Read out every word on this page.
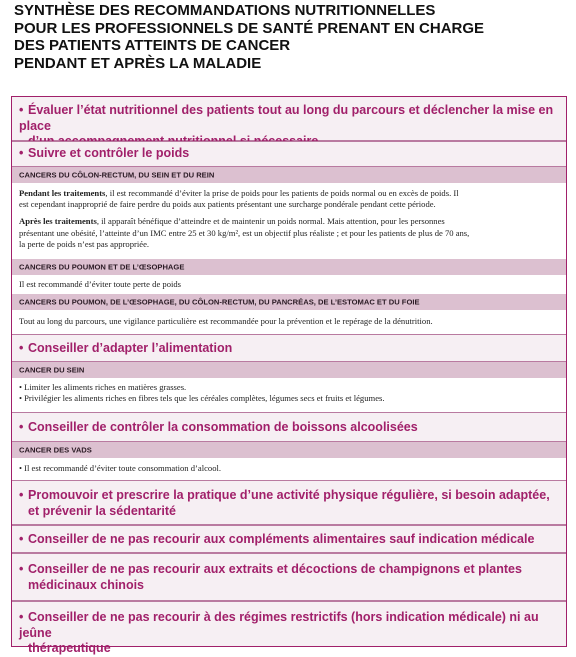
SYNTHÈSE DES RECOMMANDATIONS NUTRITIONNELLES
POUR LES PROFESSIONNELS DE SANTÉ PRENANT EN CHARGE
DES PATIENTS ATTEINTS DE CANCER
PENDANT ET APRÈS LA MALADIE
• Évaluer l’état nutritionnel des patients tout au long du parcours et déclencher la mise en place
• Suivre et contrôler le poids
CANCERS DU CÔLON-RECTUM, DU SEIN ET DU REIN
Pendant les traitements, il est recommandé d’éviter la prise de poids pour les patients de poids normal ou en excès de poids. Il
est cependant inapproprié de faire perdre du poids aux patients présentant une surcharge pondérale pendant cette période.
Après les traitements, il apparaît bénéfique d’atteindre et de maintenir un poids normal. Mais attention, pour les personnes
présentant une obésité, l’atteinte d’un IMC entre 25 et 30 kg/m², est un objectif plus réaliste ; et pour les patients de plus de 70 ans,
la perte de poids n’est pas appropriée.
CANCERS DU POUMON ET DE L’ŒSOPHAGE
Il est recommandé d’éviter toute perte de poids
CANCERS DU POUMON, DE L’ŒSOPHAGE, DU CÔLON-RECTUM, DU PANCRÉAS, DE L’ESTOMAC ET DU FOIE
Tout au long du parcours, une vigilance particulière est recommandée pour la prévention et le repérage de la dénutrition.
• Conseiller d’adapter l’alimentation
CANCER DU SEIN
• Limiter les aliments riches en matières grasses.
• Privilégier les aliments riches en fibres tels que les céréales complètes, légumes secs et fruits et légumes.
• Conseiller de contrôler la consommation de boissons alcoolisées
CANCER DES VADS
• Il est recommandé d’éviter toute consommation d’alcool.
• Promouvoir et prescrire la pratique d’une activité physique régulière, si besoin adaptée,
et prévenir la sédentarité
• Conseiller de ne pas recourir aux compléments alimentaires sauf indication médicale
• Conseiller de ne pas recourir aux extraits et décoctions de champignons et plantes
médicinaux chinois
• Conseiller de ne pas recourir à des régimes restrictifs (hors indication médicale) ni au jeûne
thérapeutique
